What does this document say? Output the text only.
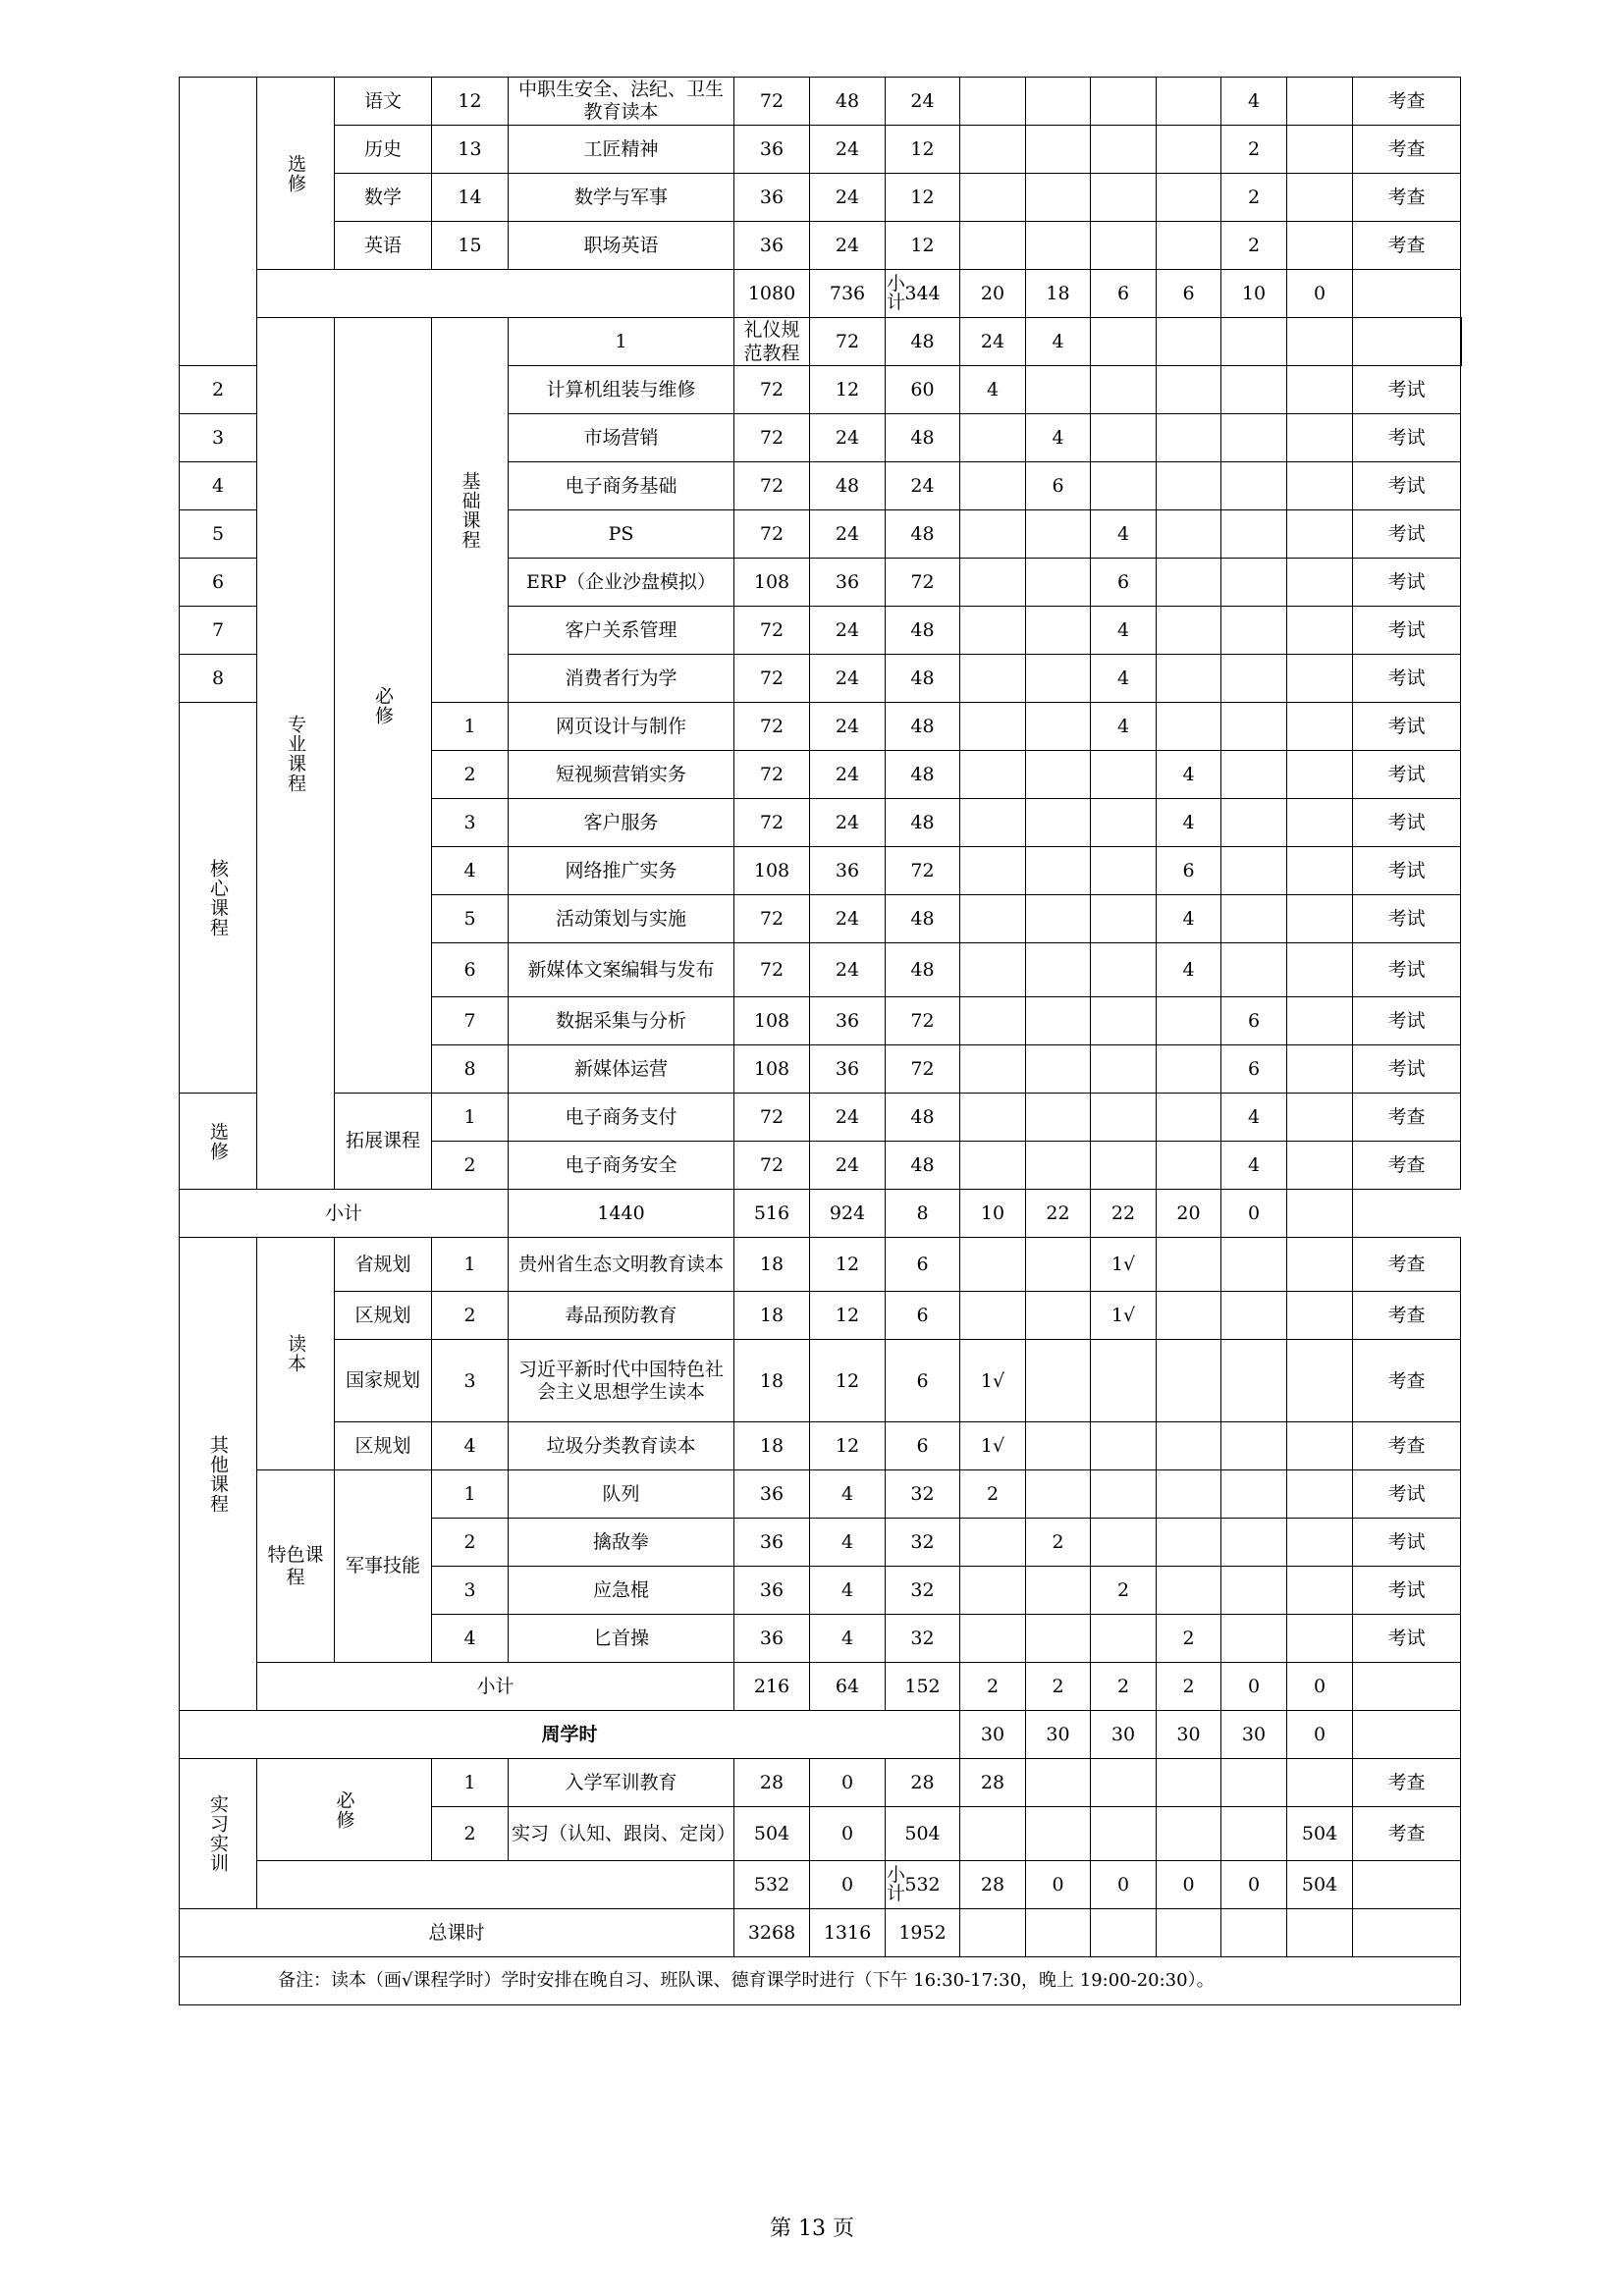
	选修	语文	12	中职生安全、法纪、卫生教育读本	72	48	24					4		考查	
		历史	13	工匠精神	36	24	12					2		考查	
		数学	14	数学与军事	36	24	12					2		考查	
		英语	15	职场英语	36	24	12					2		考查	
	小计				1080	736	344	20	18	6	6	10	0		
	专业课程	必修	基础课程	1	礼仪规范教程	72	48	24	4						
2				计算机组装与维修	72	12	60	4						考试	
3				市场营销	72	24	48		4					考试	
4				电子商务基础	72	48	24		6					考试	
5				PS	72	24	48			4				考试	
6				ERP（企业沙盘模拟）	108	36	72			6				考试	
7				客户关系管理	72	24	48			4				考试	
8				消费者行为学	72	24	48			4				考试	
核心课程			1	网页设计与制作	72	24	48			4				考试	
			2	短视频营销实务	72	24	48				4			考试	
			3	客户服务	72	24	48				4			考试	
			4	网络推广实务	108	36	72				6			考试	
			5	活动策划与实施	72	24	48				4			考试	
			6	新媒体文案编辑与发布	72	24	48				4			考试	
			7	数据采集与分析	108	36	72					6		考试	
			8	新媒体运营	108	36	72					6		考试	
选修		拓展课程	1	电子商务支付	72	24	48					4		考查	
			2	电子商务安全	72	24	48					4		考查	
小计				1440	516	924	8	10	22	22	20	0			
其他课程	读本	省规划	1	贵州省生态文明教育读本	18	12	6			1√				考查	
		区规划	2	毒品预防教育	18	12	6			1√				考查	
		国家规划	3	习近平新时代中国特色社会主义思想学生读本	18	12	6	1√						考查	
		区规划	4	垃圾分类教育读本	18	12	6	1√						考查	
	特色课程	军事技能	1	队列	36	4	32	2						考试	
			2	擒敌拳	36	4	32		2					考试	
			3	应急棍	36	4	32			2				考试	
			4	匕首操	36	4	32				2			考试	
	小计				216	64	152	2	2	2	2	0	0		
周学时								30	30	30	30	30	0		
实习实训	必修		1	入学军训教育	28	0	28	28						考查	
			2	实习（认知、跟岗、定岗）	504	0	504						504	考查	
	小计				532	0	532	28	0	0	0	0	504		
总课时					3268	1316	1952								
备注：读本（画√课程学时）学时安排在晚自习、班队课、德育课学时进行（下午 16:30-17:30，晚上 19:00-20:30）。															
第 13 页
